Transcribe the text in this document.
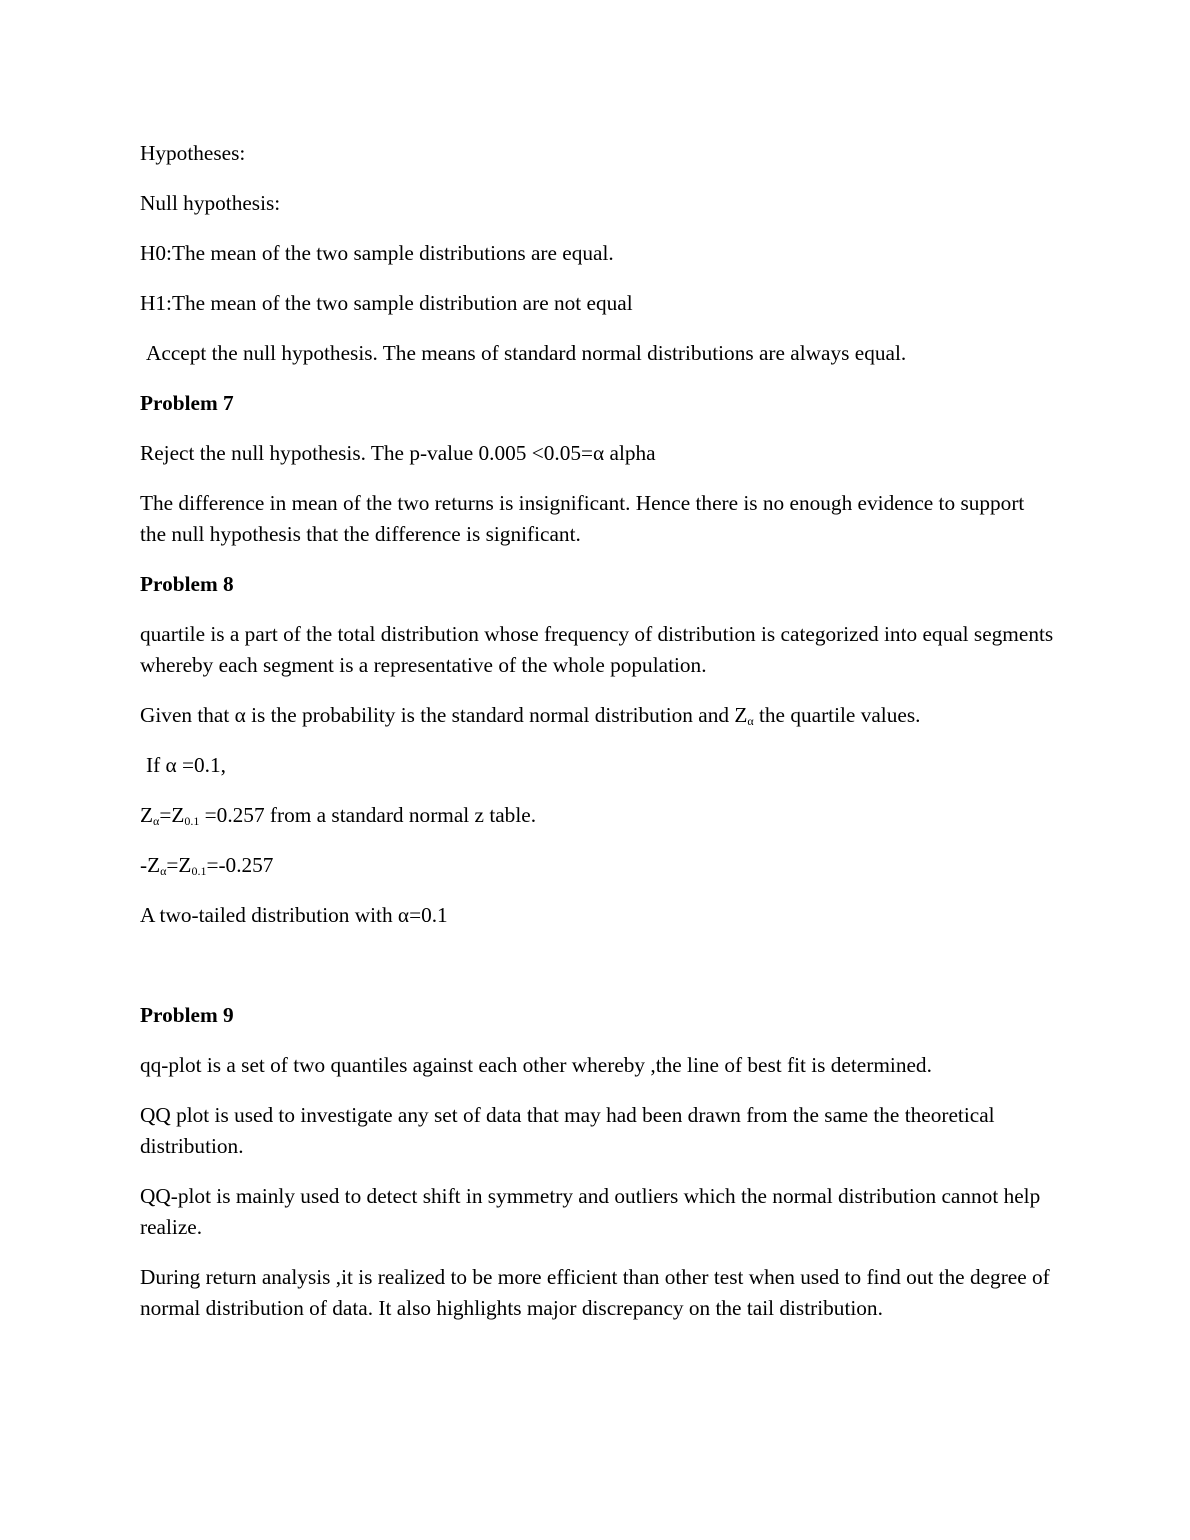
Hypotheses:

Null hypothesis:

H0:The mean of the two sample distributions are equal.

H1:The mean of the two sample distribution are not equal

Accept the null hypothesis. The means of standard normal distributions are always equal.

Problem 7

Reject the null hypothesis. The p-value 0.005 <0.05=α alpha

The difference in mean of the two returns is insignificant. Hence there is no enough evidence to support the null hypothesis that the difference is significant.

Problem 8

quartile is a part of the total distribution whose frequency of distribution is categorized into equal segments whereby each segment is a representative of the whole population.

Given that α is the probability is the standard normal distribution and $Z_\alpha$ the quartile values.

If α =0.1,

$Z_\alpha=Z_{0.1} =0.257$ from a standard normal z table.

$-Z_\alpha=Z_{0.1}=-0.257$

A two-tailed distribution with α=0.1

Problem 9

qq-plot is a set of two quantiles against each other whereby ,the line of best fit is determined.

QQ plot is used to investigate any set of data that may had been drawn from the same the theoretical distribution.

QQ-plot is mainly used to detect shift in symmetry and outliers which the normal distribution cannot help realize.

During return analysis ,it is realized to be more efficient than other test when used to find out the degree of normal distribution of data. It also highlights major discrepancy on the tail distribution.
